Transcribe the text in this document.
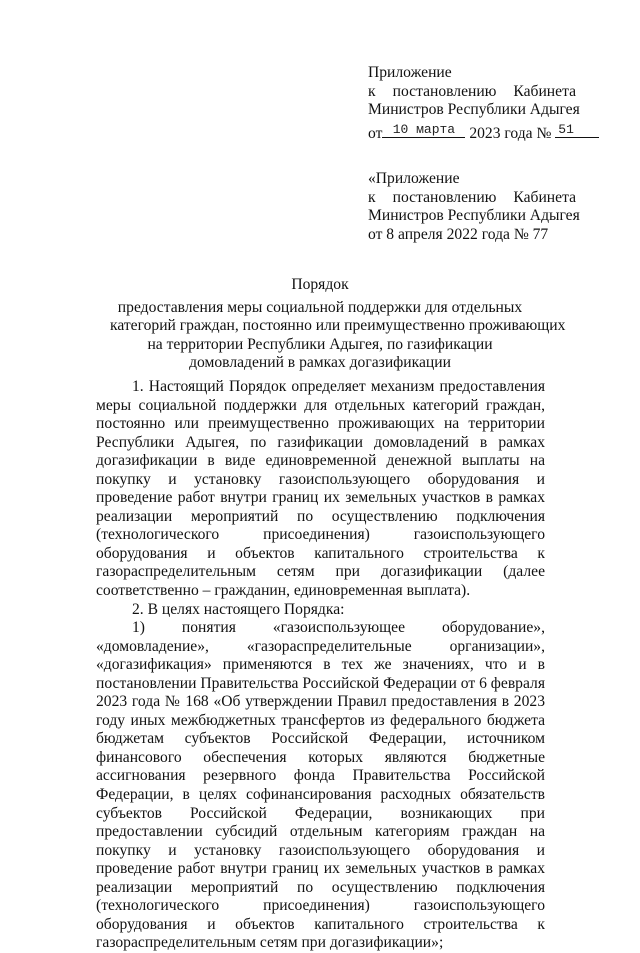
Приложение
к постановлению Кабинета
Министров Республики Адыгея
от 10 марта 2023 года № 51
«Приложение
к постановлению Кабинета
Министров Республики Адыгея
от 8 апреля 2022 года № 77
Порядок
предоставления меры социальной поддержки для отдельных
категорий граждан, постоянно или преимущественно проживающих
на территории Республики Адыгея, по газификации
домовладений в рамках догазификации

1. Настоящий Порядок определяет механизм предоставления меры социальной поддержки для отдельных категорий граждан, постоянно или преимущественно проживающих на территории Республики Адыгея, по газификации домовладений в рамках догазификации в виде единовременной денежной выплаты на покупку и установку газоиспользующего оборудования и проведение работ внутри границ их земельных участков в рамках реализации мероприятий по осуществлению подключения (технологического присоединения) газоиспользующего оборудования и объектов капитального строительства к газораспределительным сетям при догазификации (далее соответственно – гражданин, единовременная выплата).

2. В целях настоящего Порядка:

1) понятия «газоиспользующее оборудование», «домовладение», «газораспределительные организации», «догазификация» применяются в тех же значениях, что и в постановлении Правительства Российской Федерации от 6 февраля 2023 года № 168 «Об утверждении Правил предоставления в 2023 году иных межбюджетных трансфертов из федерального бюджета бюджетам субъектов Российской Федерации, источником финансового обеспечения которых являются бюджетные ассигнования резервного фонда Правительства Российской Федерации, в целях софинансирования расходных обязательств субъектов Российской Федерации, возникающих при предоставлении субсидий отдельным категориям граждан на покупку и установку газоиспользующего оборудования и проведение работ внутри границ их земельных участков в рамках реализации мероприятий по осуществлению подключения (технологического присоединения) газоиспользующего оборудования и объектов капитального строительства к газораспределительным сетям при догазификации»;
